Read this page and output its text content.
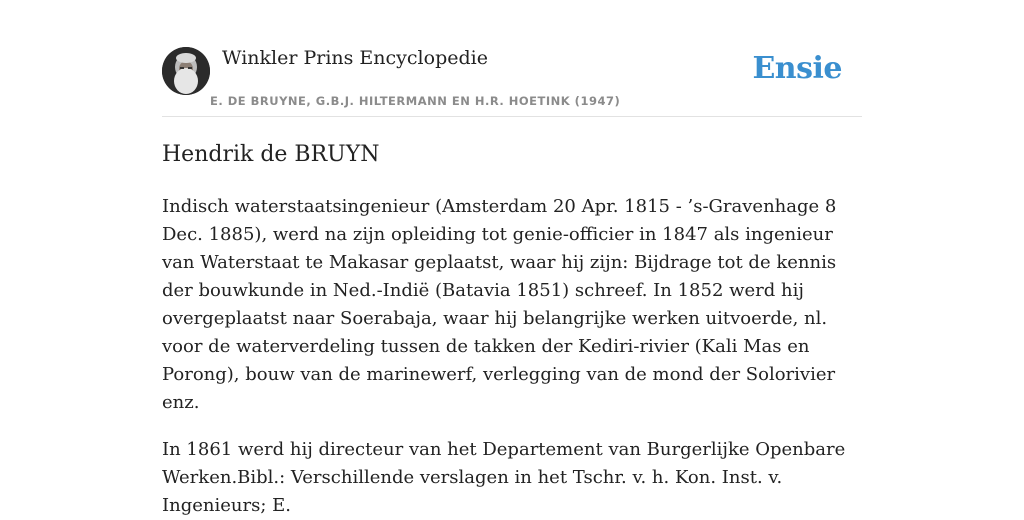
Winkler Prins Encyclopedie
E. DE BRUYNE, G.B.J. HILTERMANN EN H.R. HOETINK (1947)
Ensie
Hendrik de BRUYN

Indisch waterstaatsingenieur (Amsterdam 20 Apr. 1815 - ’s-Gravenhage 8 Dec. 1885), werd na zijn opleiding tot genie-officier in 1847 als ingenieur van Waterstaat te Makasar geplaatst, waar hij zijn: Bijdrage tot de kennis der bouwkunde in Ned.-Indië (Batavia 1851) schreef. In 1852 werd hij overgeplaatst naar Soerabaja, waar hij belangrijke werken uitvoerde, nl. voor de waterverdeling tussen de takken der Kediri-rivier (Kali Mas en Porong), bouw van de marinewerf, verlegging van de mond der Solorivier enz.

In 1861 werd hij directeur van het Departement van Burgerlijke Openbare Werken.Bibl.: Verschillende verslagen in het Tschr. v. h. Kon. Inst. v. Ingenieurs; E.
